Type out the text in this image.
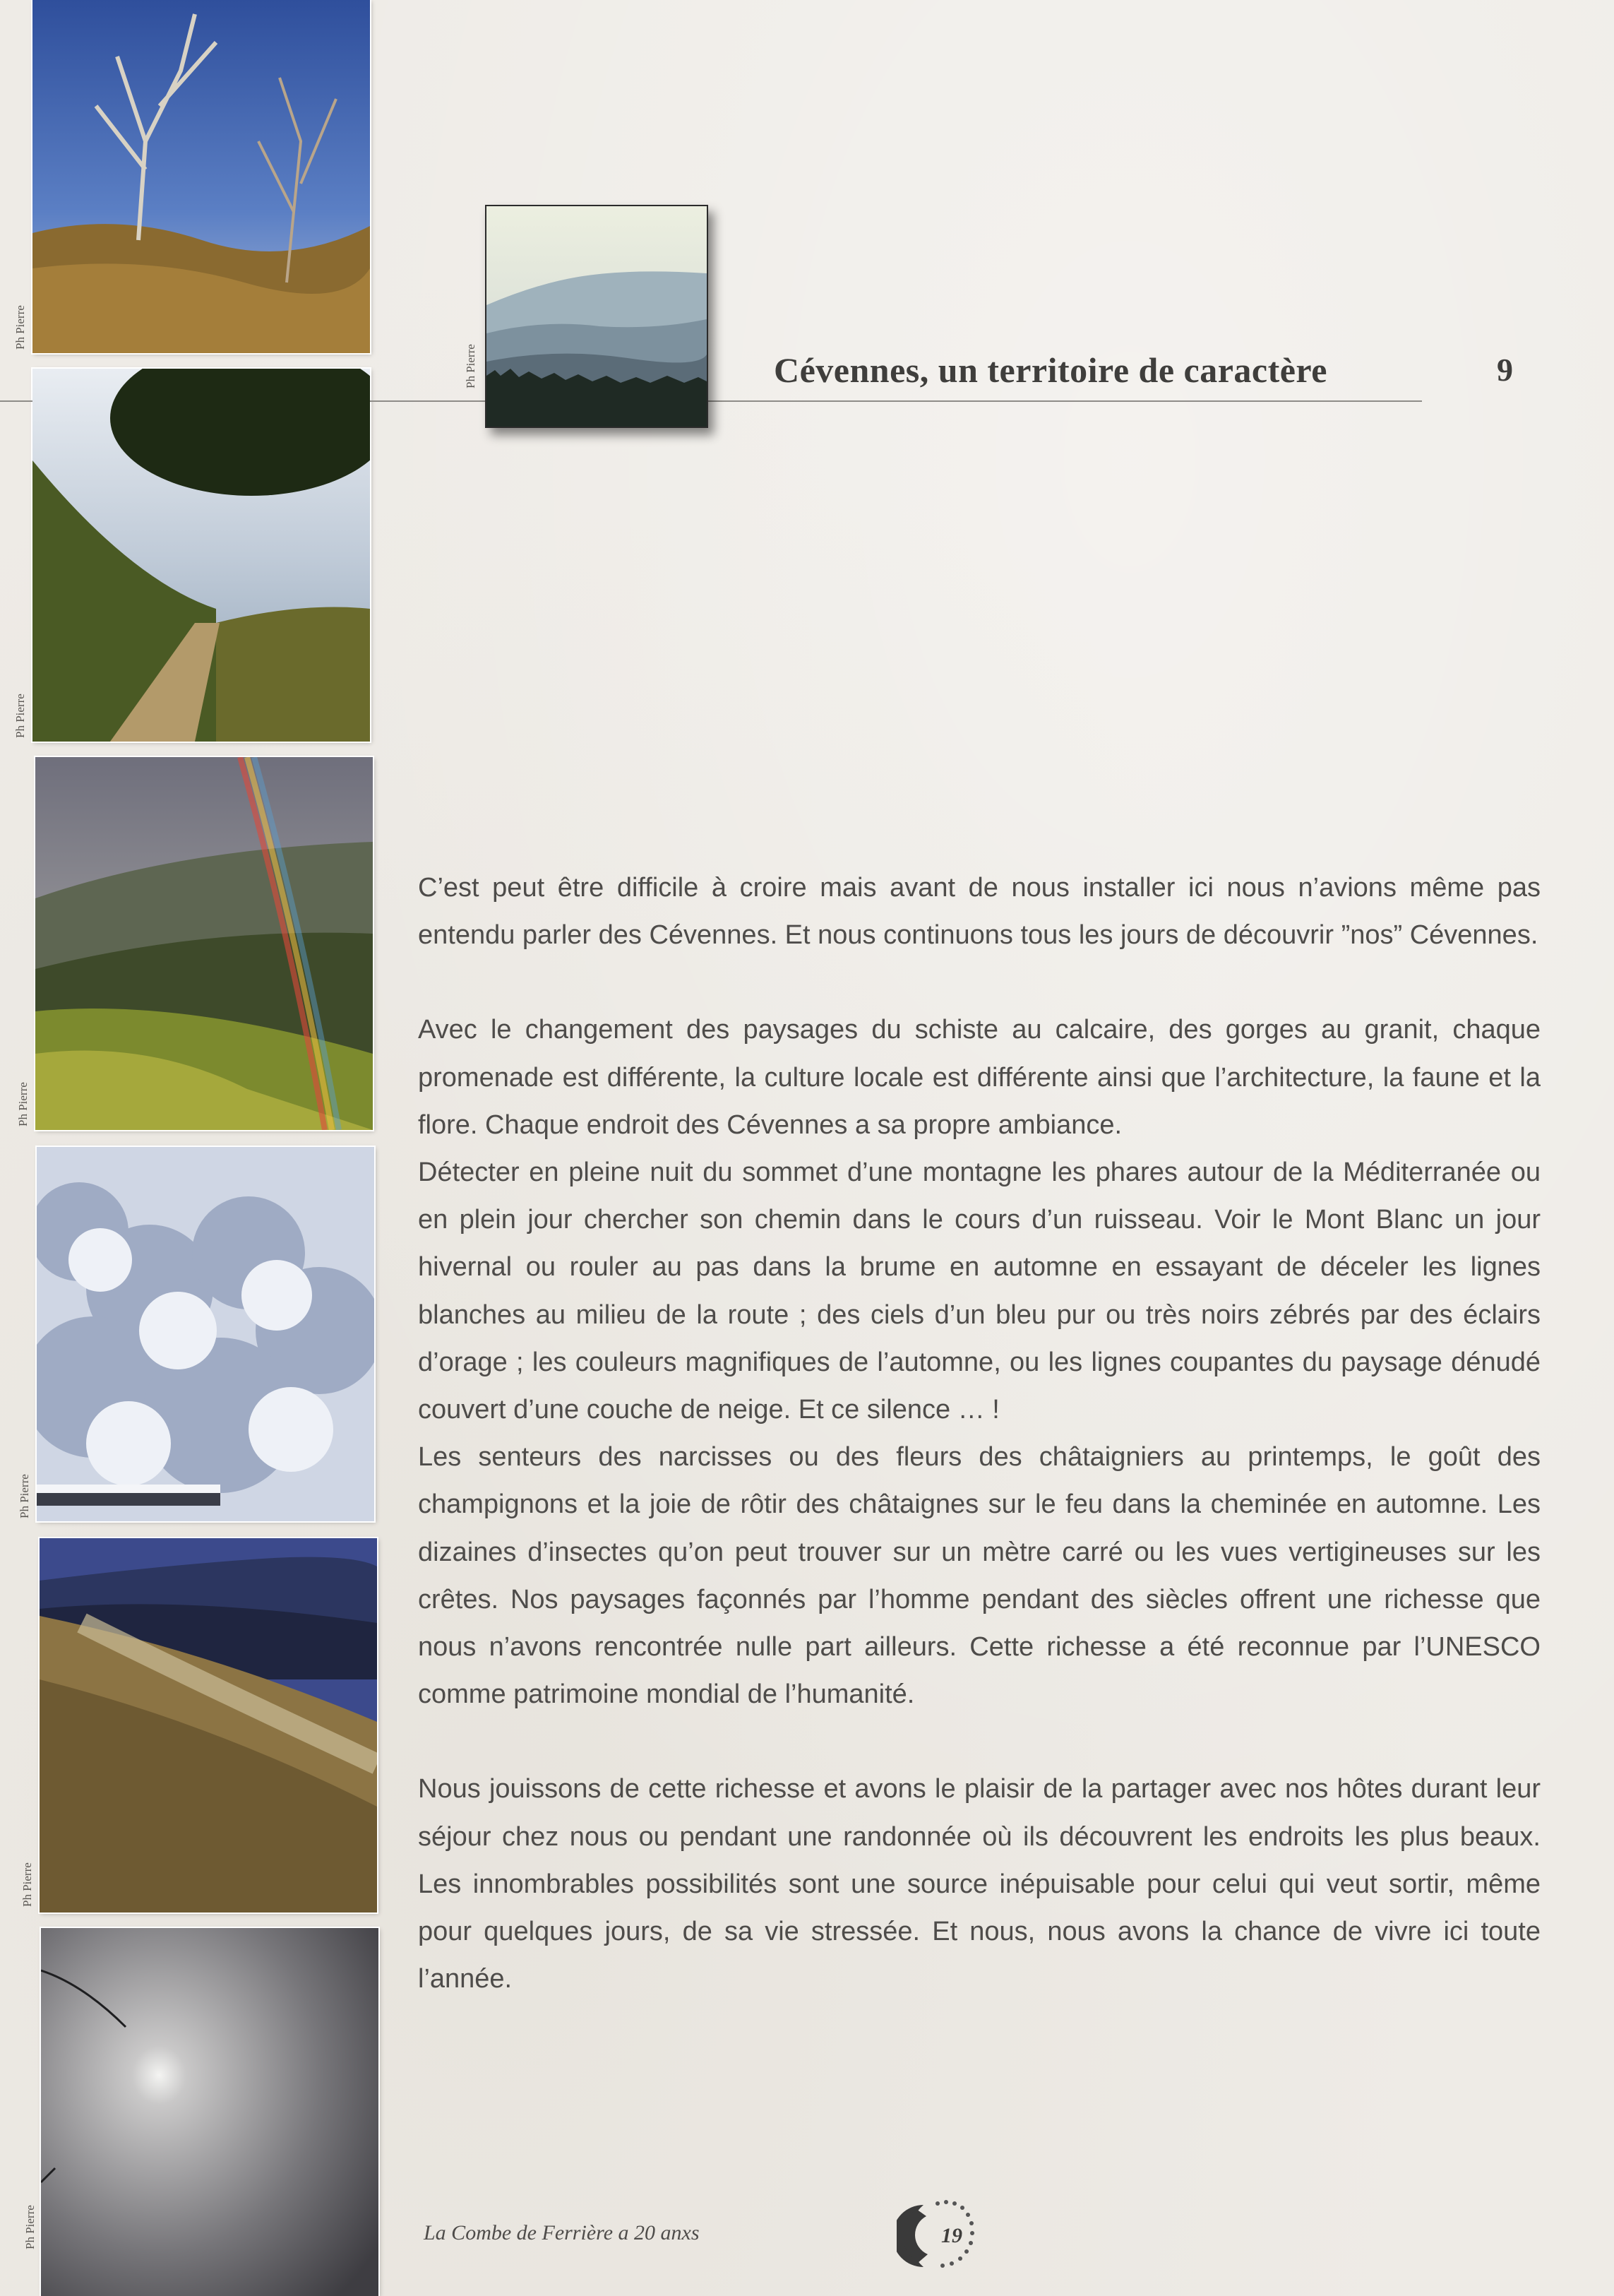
Ph Pierre
Ph Pierre
Ph Pierre
Ph Pierre
Ph Pierre
Ph Pierre
Ph Pierre	Cévennes, un territoire de caractère	9

C’est peut être difficile à croire mais avant de nous installer ici nous n’avions même pas entendu parler des Cévennes. Et nous continuons tous les jours de découvrir ”nos” Cévennes.

Avec le changement des paysages du schiste au calcaire, des gorges au granit, chaque promenade est différente, la culture locale est différente ainsi que l’architecture, la faune et la flore. Chaque endroit des Cévennes a sa propre ambiance.

Détecter en pleine nuit du sommet d’une montagne les phares autour de la Méditerranée ou en plein jour chercher son chemin dans le cours d’un ruisseau. Voir le Mont Blanc un jour hivernal ou rouler au pas dans la brume en automne en essayant de déceler les lignes blanches au milieu de la route ; des ciels d’un bleu pur ou très noirs zébrés par des éclairs d’orage ; les couleurs magnifiques de l’automne, ou les lignes coupantes du paysage dénudé couvert d’une couche de neige. Et ce silence … !

Les senteurs des narcisses ou des fleurs des châtaigniers au printemps, le goût des champignons et la joie de rôtir des châtaignes sur le feu dans la cheminée en automne. Les dizaines d’insectes qu’on peut trouver sur un mètre carré ou les vues vertigineuses sur les crêtes. Nos paysages façonnés par l’homme pendant des siècles offrent une richesse que nous n’avons rencontrée nulle part ailleurs. Cette richesse a été reconnue par l’UNESCO comme patrimoine mondial de l’humanité.

Nous jouissons de cette richesse et avons le plaisir de la partager avec nos hôtes durant leur séjour chez nous ou pendant une randonnée où ils découvrent les endroits les plus beaux. Les innombrables possibilités sont une source inépuisable pour celui qui veut sortir, même pour quelques jours, de sa vie stressée. Et nous, nous avons la chance de vivre ici toute l’année.

La Combe de Ferrière a 20 anxs	19
